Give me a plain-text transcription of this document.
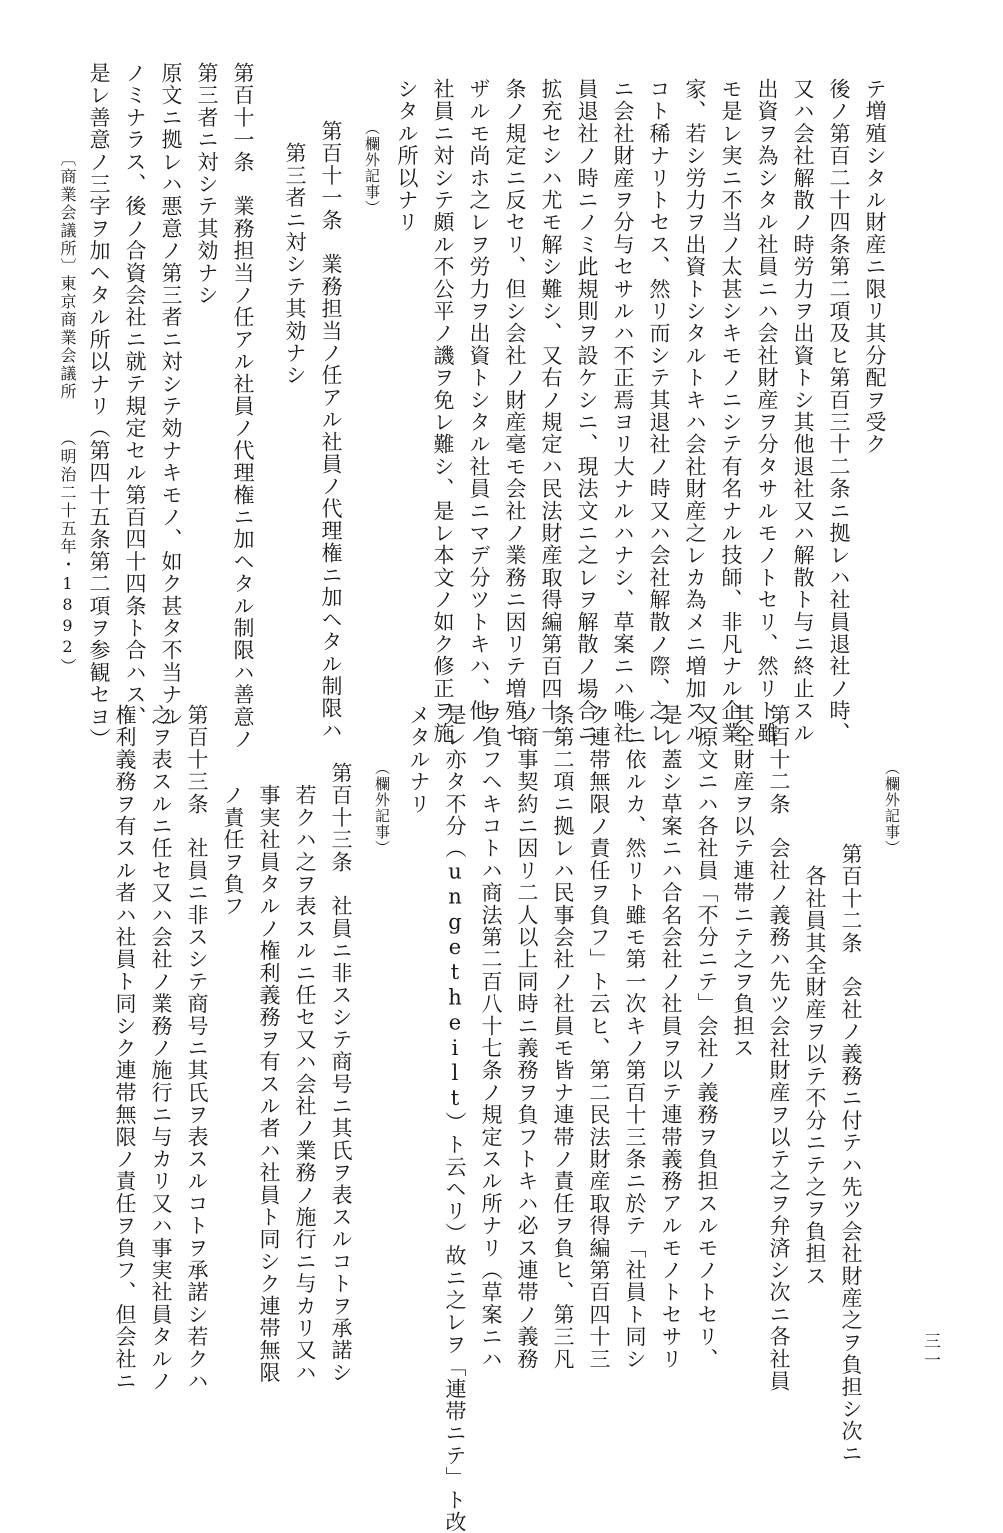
テ増殖シタル財産ニ限リ其分配ヲ受ク
後ノ第百二十四条第二項及ヒ第百三十二条ニ拠レハ社員退社ノ時、
又ハ会社解散ノ時労力ヲ出資トシ其他退社又ハ解散ト与ニ終止スル
出資ヲ為シタル社員ニハ会社財産ヲ分タサルモノトセリ、然リト雖
モ是レ実ニ不当ノ太甚シキモノニシテ有名ナル技師、非凡ナル企業
家、若シ労力ヲ出資トシタルトキハ会社財産之レカ為メニ増加スル
コト稀ナリトセス、然リ而シテ其退社ノ時又ハ会社解散ノ際、之レ
ニ会社財産ヲ分与セサルハ不正焉ヨリ大ナルハナシ、草案ニハ唯社
員退社ノ時ニノミ此規則ヲ設ケシニ、現法文ニ之レヲ解散ノ場合ニ
拡充セシハ尤モ解シ難シ、又右ノ規定ハ民法財産取得編第百四十一
条ノ規定ニ反セリ、但シ会社ノ財産毫モ会社ノ業務ニ因リテ増殖セ
ザルモ尚ホ之レヲ労力ヲ出資トシタル社員ニマデ分ツトキハ、他ノ
社員ニ対シテ頗ル不公平ノ譏ヲ免レ難シ、是レ本文ノ如ク修正ヲ施
シタル所以ナリ
（欄外記事）
第百十一条　業務担当ノ任アル社員ノ代理権ニ加ヘタル制限ハ
　第三者ニ対シテ其効ナシ
第百十一条　業務担当ノ任アル社員ノ代理権ニ加ヘタル制限ハ善意ノ
第三者ニ対シテ其効ナシ
原文ニ拠レハ悪意ノ第三者ニ対シテ効ナキモノ、如ク甚タ不当ナル
ノミナラス、後ノ合資会社ニ就テ規定セル第百四十四条ト合ハス、
是レ善意ノ三字ヲ加ヘタル所以ナリ（第四十五条第二項ヲ参観セヨ）
〔商業会議所〕
東京商業会議所
（明治二十五年・1892）
（欄外記事）
第百十二条　会社ノ義務ニ付テハ先ツ会社財産之ヲ負担シ次ニ
　各社員其全財産ヲ以テ不分ニテ之ヲ負担ス
第百十二条　会社ノ義務ハ先ツ会社財産ヲ以テ之ヲ弁済シ次ニ各社員
其全財産ヲ以テ連帯ニテ之ヲ負担ス
又原文ニハ各社員「不分ニテ」会社ノ義務ヲ負担スルモノトセリ、
是レ蓋シ草案ニハ合名会社ノ社員ヲ以テ連帯義務アルモノトセサリ
シニ依ルカ、然リト雖モ第一次キノ第百十三条ニ於テ「社員ト同シ
ク連帯無限ノ責任ヲ負フ」ト云ヒ、第二民法財産取得編第百四十三
条第二項ニ拠レハ民事会社ノ社員モ皆ナ連帯ノ責任ヲ負ヒ、第三凡
ソ商事契約ニ因リ二人以上同時ニ義務ヲ負フトキハ必ス連帯ノ義務
ヲ負フヘキコトハ商法第二百八十七条ノ規定スル所ナリ（草案ニハ
是レ亦タ不分（ungetheilt）ト云ヘリ）故ニ之レヲ「連帯ニテ」ト改
メタルナリ
（欄外記事）
第百十三条　社員ニ非スシテ商号ニ其氏ヲ表スルコトヲ承諾シ
　若クハ之ヲ表スルニ任セ又ハ会社ノ業務ノ施行ニ与カリ又ハ
　事実社員タルノ権利義務ヲ有スル者ハ社員ト同シク連帯無限
　ノ責任ヲ負フ
第百十三条　社員ニ非スシテ商号ニ其氏ヲ表スルコトヲ承諾シ若クハ
之ヲ表スルニ任セ又ハ会社ノ業務ノ施行ニ与カリ又ハ事実社員タルノ
権利義務ヲ有スル者ハ社員ト同シク連帯無限ノ責任ヲ負フ、但会社ニ	三一
